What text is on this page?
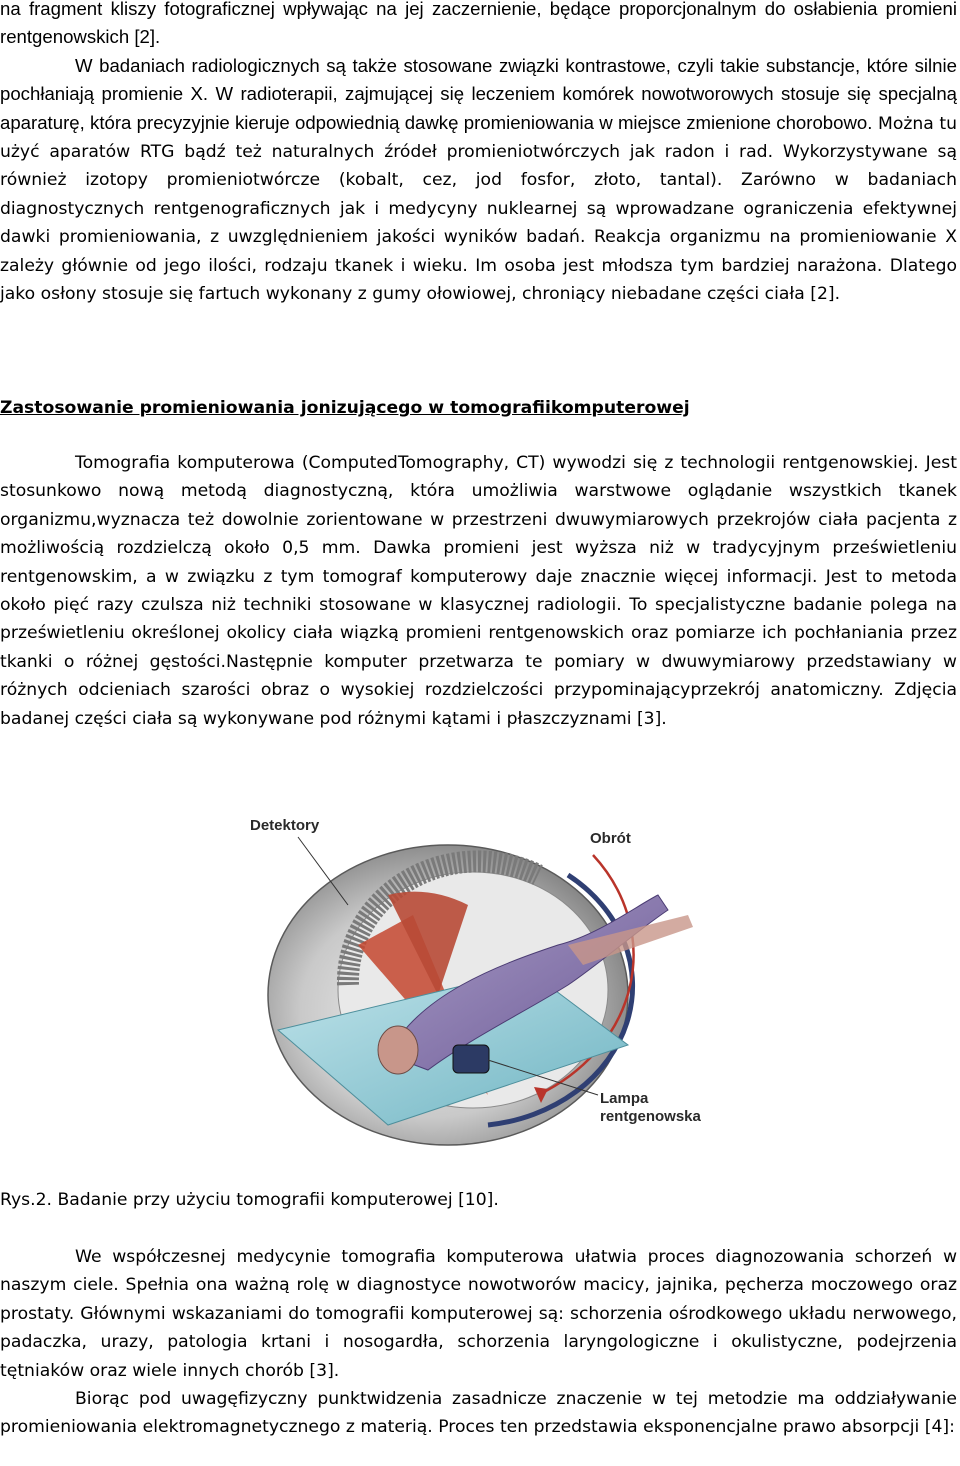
na fragment kliszy fotograficznej wpływając na jej zaczernienie, będące proporcjonalnym do osłabienia promieni rentgenowskich [2].

W badaniach radiologicznych są także stosowane związki kontrastowe, czyli takie substancje, które silnie pochłaniają promienie X. W radioterapii, zajmującej się leczeniem komórek nowotworowych stosuje się specjalną aparaturę, która precyzyjnie kieruje odpowiednią dawkę promieniowania w miejsce zmienione chorobowo. Można tu użyć aparatów RTG bądź też naturalnych źródeł promieniotwórczych jak radon i rad. Wykorzystywane są również izotopy promieniotwórcze (kobalt, cez, jod fosfor, złoto, tantal). Zarówno w badaniach diagnostycznych rentgenograficznych jak i medycyny nuklearnej są wprowadzane ograniczenia efektywnej dawki promieniowania, z uwzględnieniem jakości wyników badań. Reakcja organizmu na promieniowanie X zależy głównie od jego ilości, rodzaju tkanek i wieku. Im osoba jest młodsza tym bardziej narażona. Dlatego jako osłony stosuje się fartuch wykonany z gumy ołowiowej, chroniący niebadane części ciała [2].

Zastosowanie promieniowania jonizującego w tomografiikomputerowej

Tomografia komputerowa (ComputedTomography, CT) wywodzi się z technologii rentgenowskiej. Jest stosunkowo nową metodą diagnostyczną, która umożliwia warstwowe oglądanie wszystkich tkanek organizmu,wyznacza też dowolnie zorientowane w przestrzeni dwuwymiarowych przekrojów ciała pacjenta z możliwością rozdzielczą około 0,5 mm. Dawka promieni jest wyższa niż w tradycyjnym prześwietleniu rentgenowskim, a w związku z tym tomograf komputerowy daje znacznie więcej informacji. Jest to metoda około pięć razy czulsza niż techniki stosowane w klasycznej radiologii. To specjalistyczne badanie polega na prześwietleniu określonej okolicy ciała wiązką promieni rentgenowskich oraz pomiarze ich pochłaniania przez tkanki o różnej gęstości.Następnie komputer przetwarza te pomiary w dwuwymiarowy przedstawiany w różnych odcieniach szarości obraz o wysokiej rozdzielczości przypominającyprzekrój anatomiczny. Zdjęcia badanej części ciała są wykonywane pod różnymi kątami i płaszczyznami [3].

Detektory
Obrót
Lampa
rentgenowska

Rys.2. Badanie przy użyciu tomografii komputerowej [10].

We współczesnej medycynie tomografia komputerowa ułatwia proces diagnozowania schorzeń w naszym ciele. Spełnia ona ważną rolę w diagnostyce nowotworów macicy, jajnika, pęcherza moczowego oraz prostaty. Głównymi wskazaniami do tomografii komputerowej są: schorzenia ośrodkowego układu nerwowego, padaczka, urazy, patologia krtani i nosogardła, schorzenia laryngologiczne i okulistyczne, podejrzenia tętniaków oraz wiele innych chorób [3].

Biorąc pod uwagęfizyczny punktwidzenia zasadnicze znaczenie w tej metodzie ma oddziaływanie promieniowania elektromagnetycznego z materią. Proces ten przedstawia eksponencjalne prawo absorpcji [4]:
